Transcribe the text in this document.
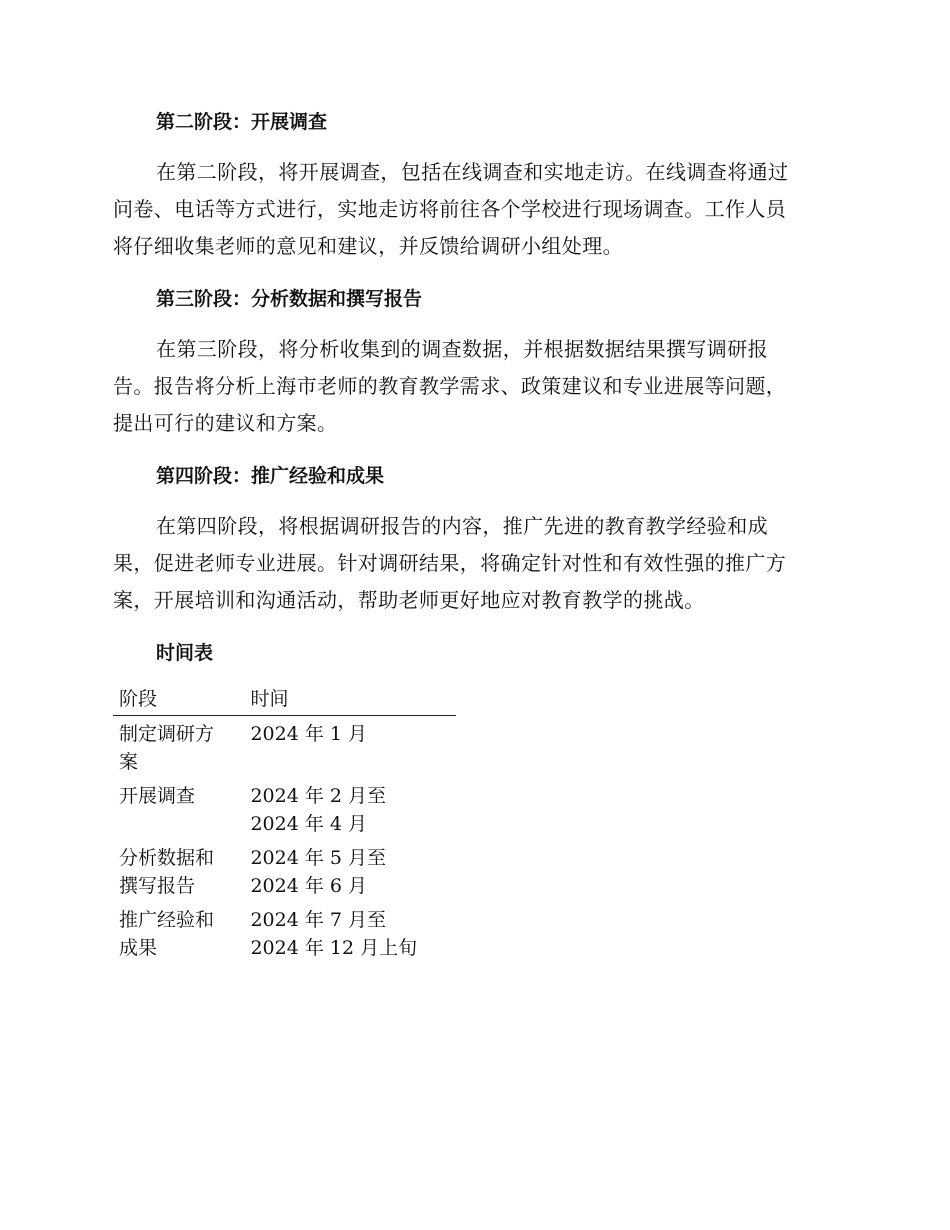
第二阶段：开展调查

在第二阶段，将开展调查，包括在线调查和实地走访。在线调查将通过
问卷、电话等方式进行，实地走访将前往各个学校进行现场调查。工作人员
将仔细收集老师的意见和建议，并反馈给调研小组处理。

第三阶段：分析数据和撰写报告

在第三阶段，将分析收集到的调查数据，并根据数据结果撰写调研报
告。报告将分析上海市老师的教育教学需求、政策建议和专业进展等问题，
提出可行的建议和方案。

第四阶段：推广经验和成果

在第四阶段，将根据调研报告的内容，推广先进的教育教学经验和成
果，促进老师专业进展。针对调研结果，将确定针对性和有效性强的推广方
案，开展培训和沟通活动，帮助老师更好地应对教育教学的挑战。

时间表
阶段	时间

制定调研方案	2024 年 1 月

开展调查	2024 年 2 月至 2024 年 4 月

分析数据和撰写报告	2024 年 5 月至 2024 年 6 月

推广经验和成果	2024 年 7 月至 2024 年 12 月上旬
